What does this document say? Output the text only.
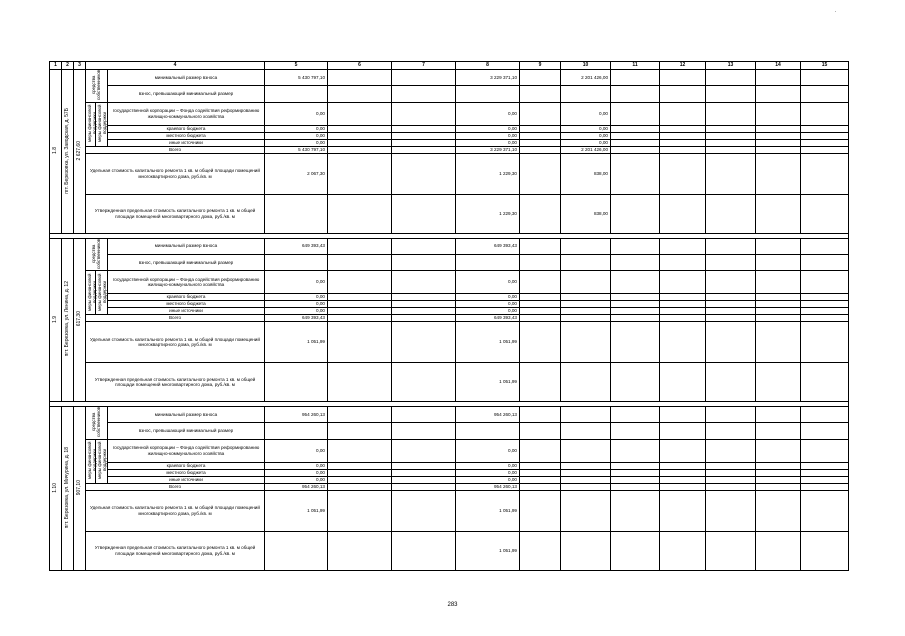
.
1	2	3	4			5	6	7	8	9	10	11	12	13	14	15
1.8	пгт. Березовка, ул. Заводская, д. 57Б	2 627,60	средства собственников		минимальный размер взноса	5 430 797,10			3 229 371,10		2 201 426,00					
					взнос, превышающий минимальный размер											
			меры финансовой поддержки	меры финансовой поддержки	государственной корпорации – Фонда содействия реформированию жилищно-коммунального хозяйства	0,00			0,00		0,00					
					краевого бюджета	0,00			0,00		0,00					
					местного бюджета	0,00			0,00		0,00					
					иные источники	0,00			0,00		0,00					
			Всего			5 430 797,10			3 229 371,10		2 201 426,00					
			Удельная стоимость капитального ремонта 1 кв. м общей площади помещений многоквартирного дома, руб./кв. м			2 067,30			1 229,30		838,00					
			Утвержденная предельная стоимость капитального ремонта 1 кв. м общей площади помещений многоквартирного дома, руб./кв. м						1 229,30		838,00					

1.9	пгт. Березовка, ул. Ленина, д. 12	617,30	средства собственников		минимальный размер взноса	649 393,43			649 393,43							
					взнос, превышающий минимальный размер											
			меры финансовой поддержки	меры финансовой поддержки	государственной корпорации – Фонда содействия реформированию жилищно-коммунального хозяйства	0,00			0,00							
					краевого бюджета	0,00			0,00							
					местного бюджета	0,00			0,00							
					иные источники	0,00			0,00							
			Всего			649 393,43			649 393,43							
			Удельная стоимость капитального ремонта 1 кв. м общей площади помещений многоквартирного дома, руб./кв. м			1 051,99			1 051,99							
			Утвержденная предельная стоимость капитального ремонта 1 кв. м общей площади помещений многоквартирного дома, руб./кв. м						1 051,99							

1.10	пгт. Березовка, ул. Мичурина, д. 18	907,10	средства собственников		минимальный размер взноса	954 260,13			954 260,13							
					взнос, превышающий минимальный размер											
			меры финансовой поддержки	меры финансовой поддержки	государственной корпорации – Фонда содействия реформированию жилищно-коммунального хозяйства	0,00			0,00							
					краевого бюджета	0,00			0,00							
					местного бюджета	0,00			0,00							
					иные источники	0,00			0,00							
			Всего			954 260,13			954 260,13							
			Удельная стоимость капитального ремонта 1 кв. м общей площади помещений многоквартирного дома, руб./кв. м			1 051,99			1 051,99							
			Утвержденная предельная стоимость капитального ремонта 1 кв. м общей площади помещений многоквартирного дома, руб./кв. м						1 051,99							
283
